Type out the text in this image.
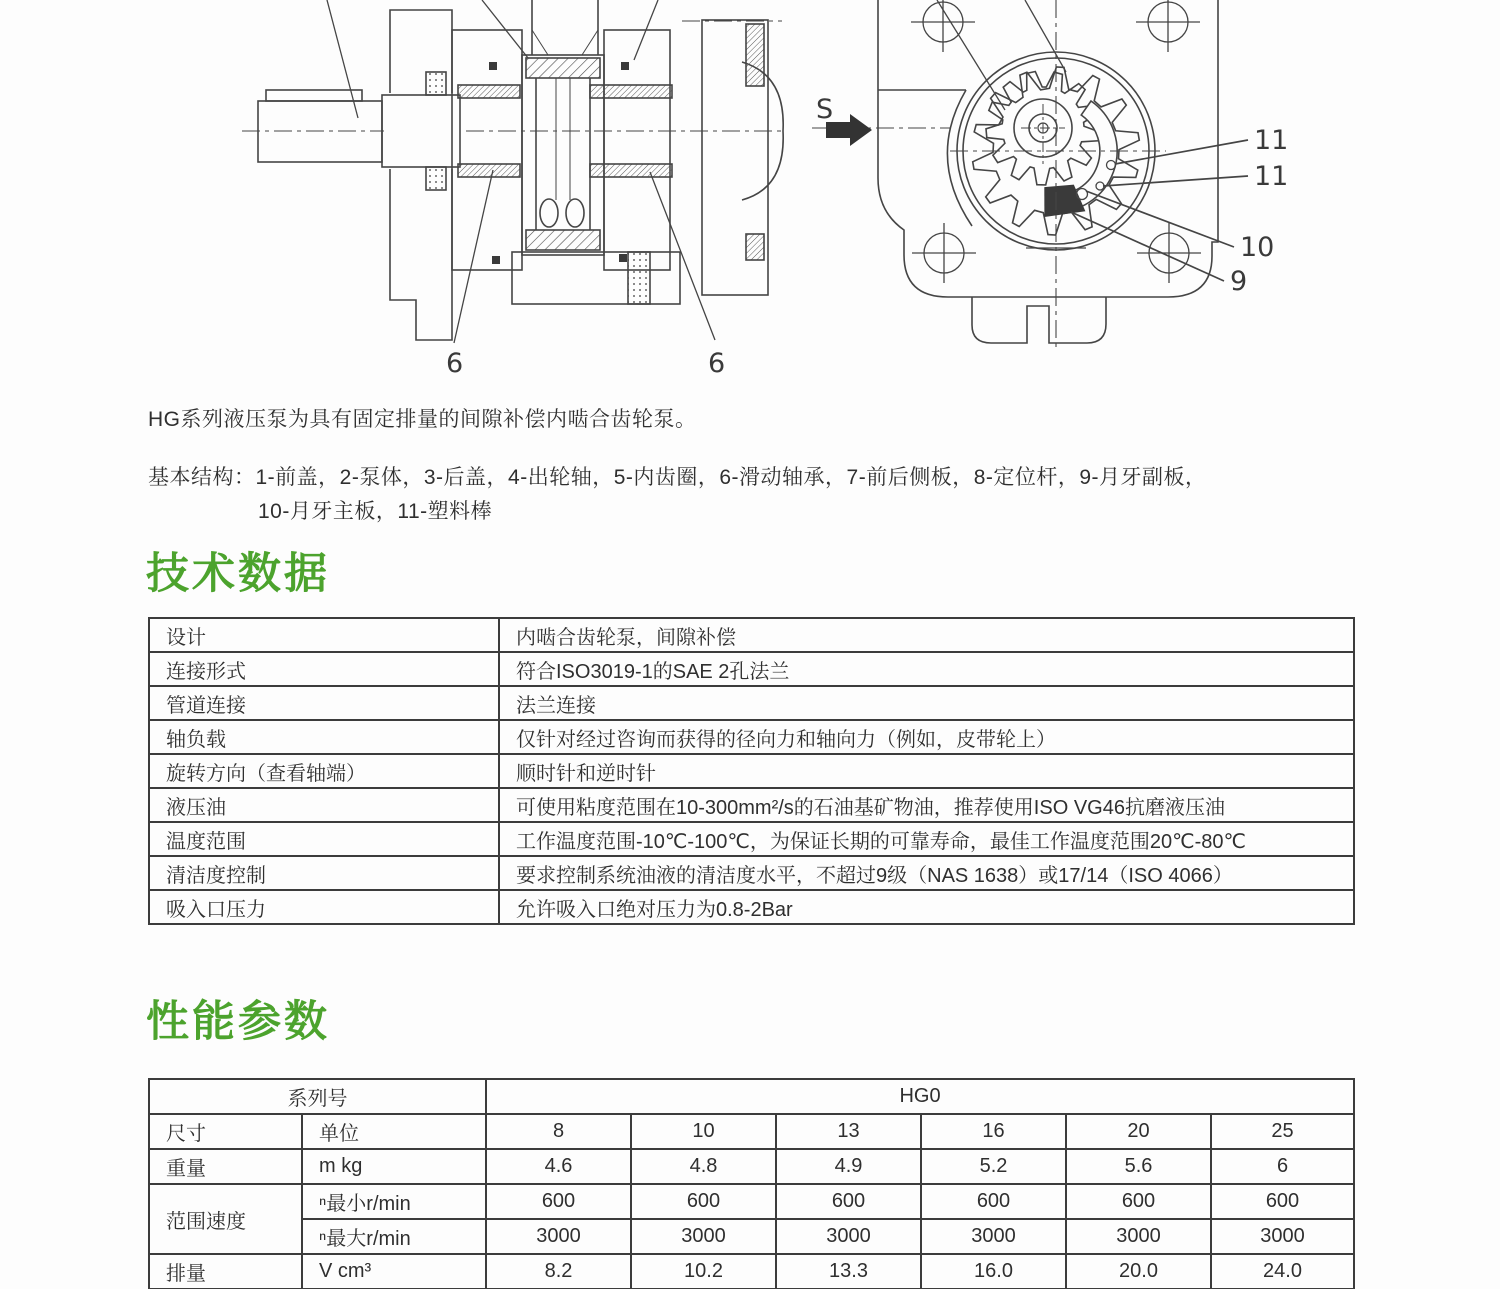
6	6
S
11
11
10
9
HG系列液压泵为具有固定排量的间隙补偿内啮合齿轮泵。
基本结构：1-前盖，2-泵体，3-后盖，4-出轮轴，5-内齿圈，6-滑动轴承，7-前后侧板，8-定位杆，9-月牙副板，
10-月牙主板，11-塑料棒
技术数据
设计	内啮合齿轮泵，间隙补偿
连接形式	符合ISO3019-1的SAE 2孔法兰
管道连接	法兰连接
轴负载	仅针对经过咨询而获得的径向力和轴向力（例如，皮带轮上）
旋转方向（查看轴端）	顺时针和逆时针
液压油	可使用粘度范围在10-300mm²/s的石油基矿物油，推荐使用ISO VG46抗磨液压油
温度范围	工作温度范围-10℃-100℃，为保证长期的可靠寿命，最佳工作温度范围20℃-80℃
清洁度控制	要求控制系统油液的清洁度水平，不超过9级（NAS 1638）或17/14（ISO 4066）
吸入口压力	允许吸入口绝对压力为0.8-2Bar
性能参数
系列号		HG0					
尺寸	单位	8	10	13	16	20	25
重量	m kg	4.6	4.8	4.9	5.2	5.6	6
范围速度	ⁿ最小r/min	600	600	600	600	600	600
	ⁿ最大r/min	3000	3000	3000	3000	3000	3000
排量	V cm³	8.2	10.2	13.3	16.0	20.0	24.0
